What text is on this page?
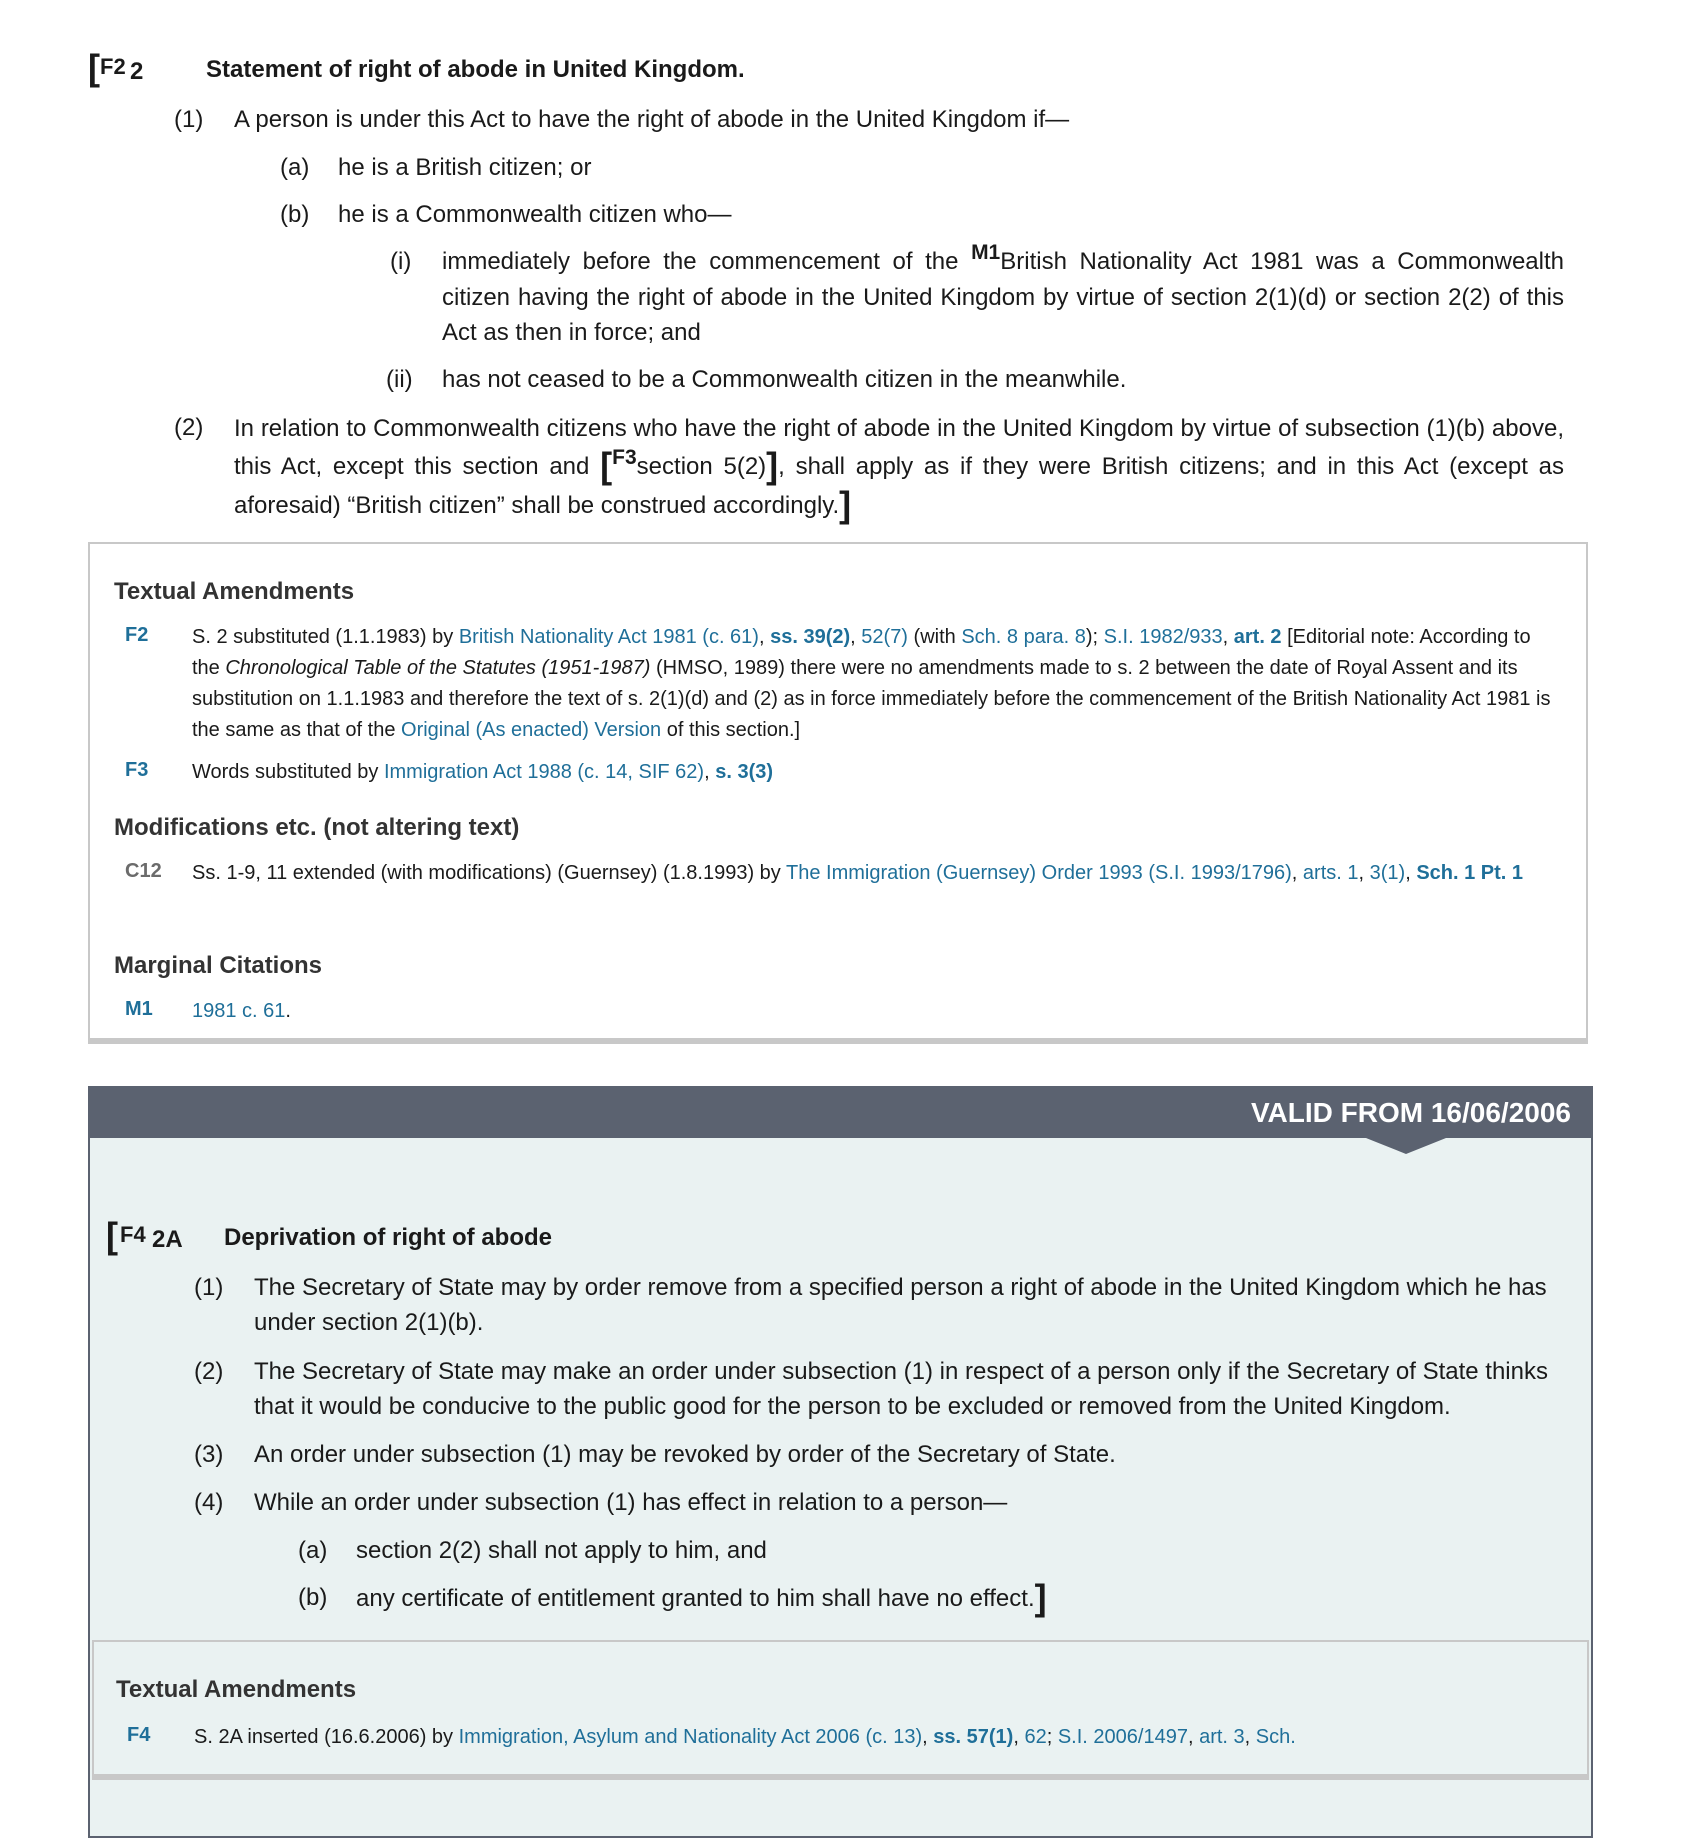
[ F2 2	Statement of right of abode in United Kingdom.
(1) A person is under this Act to have the right of abode in the United Kingdom if—
(a) he is a British citizen; or
(b) he is a Commonwealth citizen who—
(i) immediately before the commencement of the M1British Nationality Act 1981 was a Commonwealth citizen having the right of abode in the United Kingdom by virtue of section 2(1)(d) or section 2(2) of this Act as then in force; and
(ii) has not ceased to be a Commonwealth citizen in the meanwhile.
(2) In relation to Commonwealth citizens who have the right of abode in the United Kingdom by virtue of subsection (1)(b) above, this Act, except this section and [F3section 5(2)], shall apply as if they were British citizens; and in this Act (except as aforesaid) “British citizen” shall be construed accordingly.]
Textual Amendments
F2 S. 2 substituted (1.1.1983) by British Nationality Act 1981 (c. 61), ss. 39(2), 52(7) (with Sch. 8 para. 8); S.I. 1982/933, art. 2 [Editorial note: According to the Chronological Table of the Statutes (1951-1987) (HMSO, 1989) there were no amendments made to s. 2 between the date of Royal Assent and its substitution on 1.1.1983 and therefore the text of s. 2(1)(d) and (2) as in force immediately before the commencement of the British Nationality Act 1981 is the same as that of the Original (As enacted) Version of this section.]
F3 Words substituted by Immigration Act 1988 (c. 14, SIF 62), s. 3(3)
Modifications etc. (not altering text)
C12 Ss. 1-9, 11 extended (with modifications) (Guernsey) (1.8.1993) by The Immigration (Guernsey) Order 1993 (S.I. 1993/1796), arts. 1, 3(1), Sch. 1 Pt. 1
Marginal Citations
M1 1981 c. 61.
VALID FROM 16/06/2006
[ F4 2A Deprivation of right of abode
(1) The Secretary of State may by order remove from a specified person a right of abode in the United Kingdom which he has under section 2(1)(b).
(2) The Secretary of State may make an order under subsection (1) in respect of a person only if the Secretary of State thinks that it would be conducive to the public good for the person to be excluded or removed from the United Kingdom.
(3) An order under subsection (1) may be revoked by order of the Secretary of State.
(4) While an order under subsection (1) has effect in relation to a person—
(a) section 2(2) shall not apply to him, and
(b) any certificate of entitlement granted to him shall have no effect.]
Textual Amendments
F4 S. 2A inserted (16.6.2006) by Immigration, Asylum and Nationality Act 2006 (c. 13), ss. 57(1), 62; S.I. 2006/1497, art. 3, Sch.
